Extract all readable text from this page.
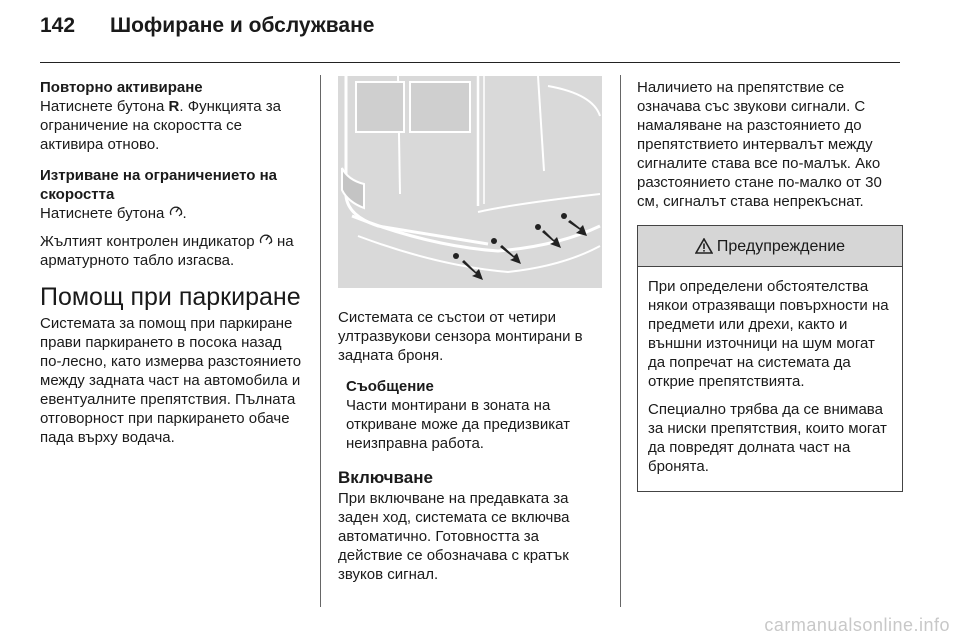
142	Шофиране и обслужване

Повторно активиране

Натиснете бутона R. Функцията за ограничение на скоростта се активира отново.

Изтриване на ограничението на скоростта

Натиснете бутона .

Жълтият контролен индикатор  на арматурното табло изгасва.

Помощ при паркиране

Системата за помощ при паркиране прави паркирането в посока назад по-лесно, като измерва разстоянието между задната част на автомобила и евентуалните препятствия. Пълната отговорност при паркирането обаче пада върху водача.

Системата се състои от четири ултразвукови сензора монтирани в задната броня.

Съобщение

Части монтирани в зоната на откриване може да предизвикат неизправна работа.

Включване

При включване на предавката за заден ход, системата се включва автоматично. Готовността за действие се обозначава с кратък звуков сигнал.

Наличието на препятствие се означава със звукови сигнали. С намаляване на разстоянието до препятствието интервалът между сигналите става все по-малък. Ако разстоянието стане по-малко от 30 см, сигналът става непрекъснат.

Предупреждение

При определени обстоятелства някои отразяващи повърхности на предмети или дрехи, както и външни източници на шум могат да попречат на системата да открие препятствията.

Специално трябва да се внимава за ниски препятствия, които могат да повредят долната част на бронята.

carmanualsonline.info
